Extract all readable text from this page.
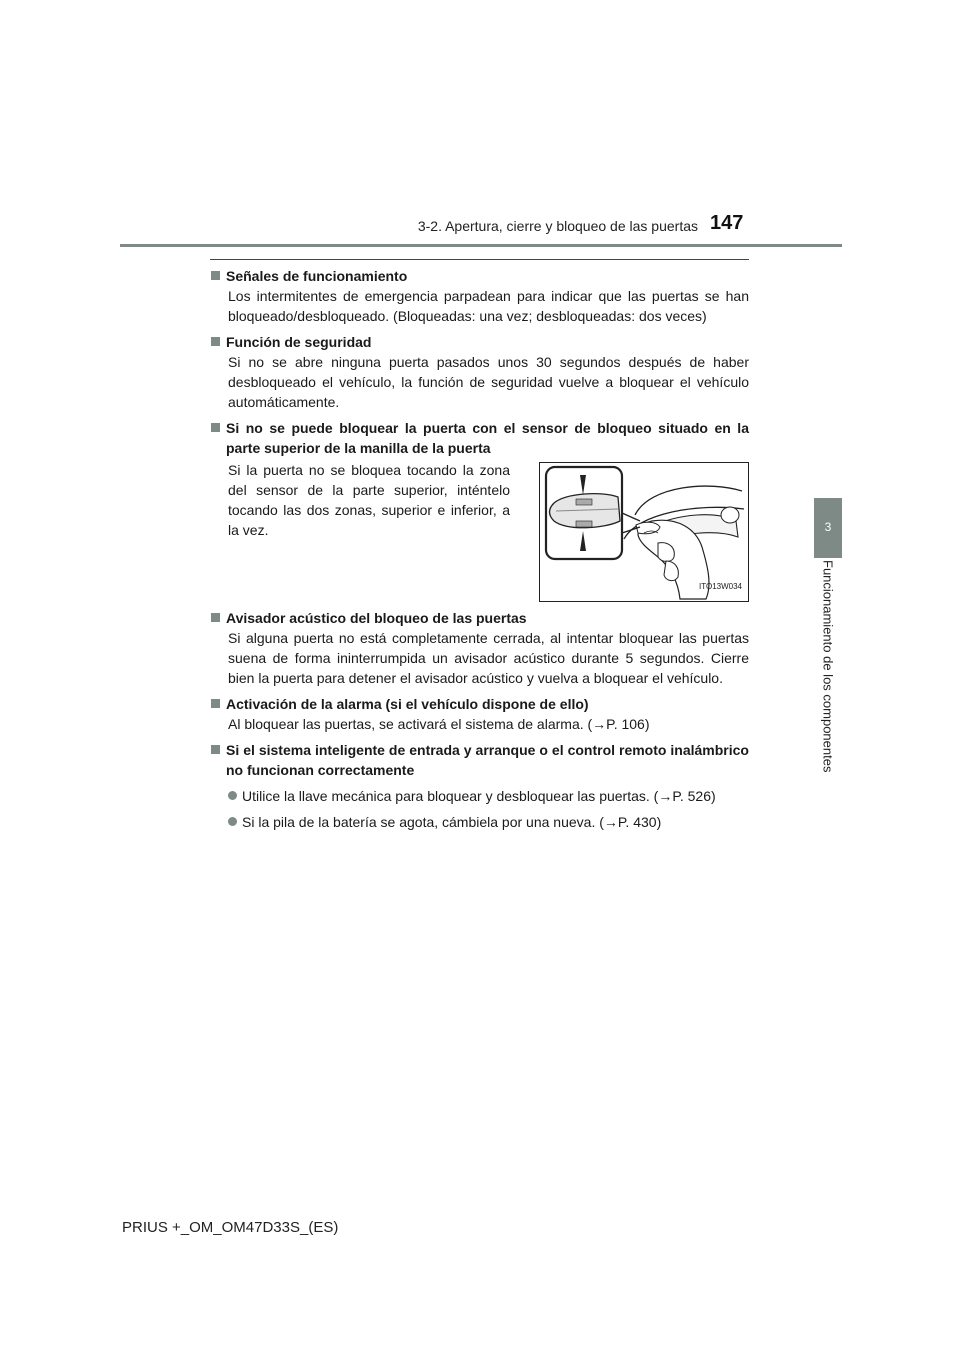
3-2. Apertura, cierre y bloqueo de las puertas 147
3
Funcionamiento de los componentes
Señales de funcionamiento
Los intermitentes de emergencia parpadean para indicar que las puertas se han bloqueado/desbloqueado. (Bloqueadas: una vez; desbloqueadas: dos veces)
Función de seguridad
Si no se abre ninguna puerta pasados unos 30 segundos después de haber desbloqueado el vehículo, la función de seguridad vuelve a bloquear el vehículo automáticamente.
Si no se puede bloquear la puerta con el sensor de bloqueo situado en la parte superior de la manilla de la puerta
Si la puerta no se bloquea tocando la zona del sensor de la parte superior, inténtelo tocando las dos zonas, superior e inferior, a la vez.
ITO13W034
Avisador acústico del bloqueo de las puertas
Si alguna puerta no está completamente cerrada, al intentar bloquear las puertas suena de forma ininterrumpida un avisador acústico durante 5 segundos. Cierre bien la puerta para detener el avisador acústico y vuelva a bloquear el vehículo.
Activación de la alarma (si el vehículo dispone de ello)
Al bloquear las puertas, se activará el sistema de alarma. (→P. 106)
Si el sistema inteligente de entrada y arranque o el control remoto inalámbrico no funcionan correctamente
Utilice la llave mecánica para bloquear y desbloquear las puertas. (→P. 526)
Si la pila de la batería se agota, cámbiela por una nueva. (→P. 430)
PRIUS +_OM_OM47D33S_(ES)
